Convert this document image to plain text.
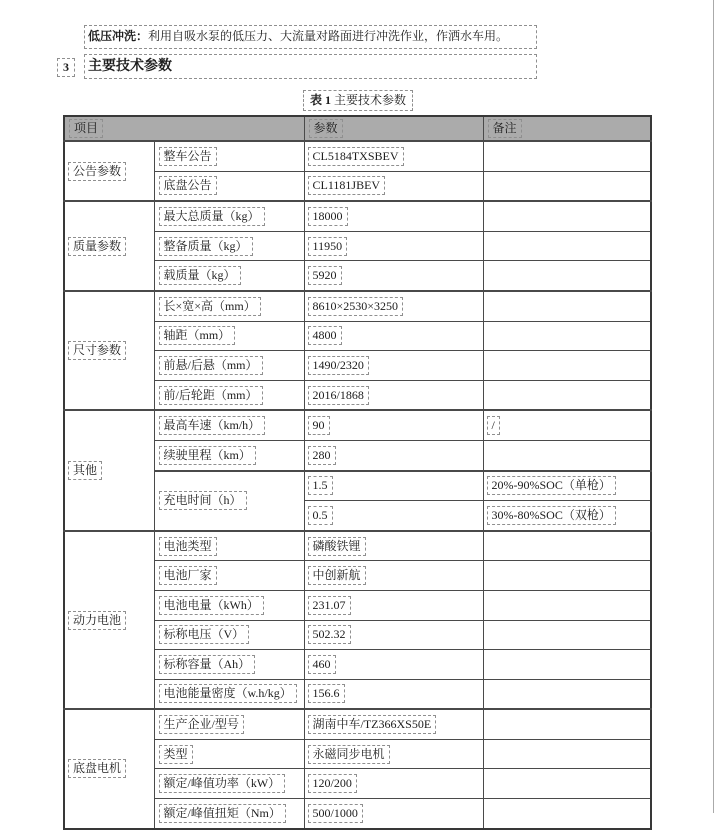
低压冲洗：利用自吸水泵的低压力、大流量对路面进行冲洗作业，作洒水车用。
3	主要技术参数
表 1 主要技术参数
项目		参数	备注
公告参数	整车公告	CL5184TXSBEV	
	底盘公告	CL1181JBEV	
质量参数	最大总质量（kg）	18000	
	整备质量（kg）	11950	
	载质量（kg）	5920	
尺寸参数	长×宽×高（mm）	8610×2530×3250	
	轴距（mm）	4800	
	前悬/后悬（mm）	1490/2320	
	前/后轮距（mm）	2016/1868	
其他	最高车速（km/h）	90	/
	续驶里程（km）	280	
	充电时间（h）	1.5	20%-90%SOC（单枪）
		0.5	30%-80%SOC（双枪）
动力电池	电池类型	磷酸铁锂	
	电池厂家	中创新航	
	电池电量（kWh）	231.07	
	标称电压（V）	502.32	
	标称容量（Ah）	460	
	电池能量密度（w.h/kg）	156.6	
底盘电机	生产企业/型号	湖南中车/TZ366XS50E	
	类型	永磁同步电机	
	额定/峰值功率（kW）	120/200	
	额定/峰值扭矩（Nm）	500/1000	
